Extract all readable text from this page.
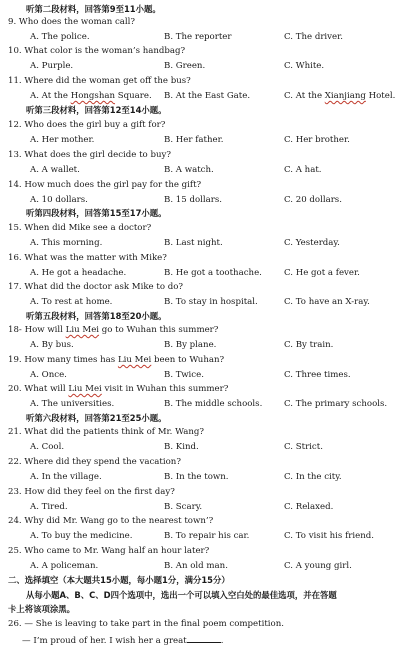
听第二段材料，回答第9至11小题。
9. Who does the woman call?
A. The police.	B. The reporter	C. The driver.
10. What color is the woman’s handbag?
A. Purple.	B. Green.	C. White.
11. Where did the woman get off the bus?
A. At the Hongshan Square. B. At the East Gate.	C. At the Xianjiang Hotel.
听第三段材料，回答第12至14小题。
12. Who does the girl buy a gift for?
A. Her mother.	B. Her father.	C. Her brother.
13. What does the girl decide to buy?
A. A wallet.	B. A watch.	C. A hat.
14. How much does the girl pay for the gift?
A. 10 dollars.	B. 15 dollars.	C. 20 dollars.
听第四段材料，回答第15至17小题。
15. When did Mike see a doctor?
A. This morning.	B. Last night.	C. Yesterday.
16. What was the matter with Mike?
A. He got a headache.	B. He got a toothache.	C. He got a fever.
17. What did the doctor ask Mike to do?
A. To rest at home.	B. To stay in hospital.	C. To have an X-ray.
听第五段材料，回答第18至20小题。
18- How will Liu Mei go to Wuhan this summer?
A. By bus.	B. By plane.	C. By train.
19. How many times has Liu Mei been to Wuhan?
A. Once.	B. Twice.	C. Three times.
20. What will Liu Mei visit in Wuhan this summer?
A. The universities.	B. The middle schools.	C. The primary schools.
听第六段材料，回答第21至25小题。
21. What did the patients think of Mr. Wang?
A. Cool.	B. Kind.	C. Strict.
22. Where did they spend the vacation?
A. In the village.	B. In the town.	C. In the city.
23. How did they feel on the first day?
A. Tired.	B. Scary.	C. Relaxed.
24. Why did Mr. Wang go to the nearest town’?
A. To buy the medicine.	B. To repair his car.	C. To visit his friend.
25. Who came to Mr. Wang half an hour later?
A. A policeman.	B. An old man.	C. A young girl.
二、选择填空（本大题共15小题，每小题1分，满分15分）
从每小题A、B、C、D四个选项中，选出一个可以填入空白处的最佳选项，并在答题
卡上将该项涂黑。
26. — She is leaving to take part in the final poem competition.
— I’m proud of her. I wish her a great	.
